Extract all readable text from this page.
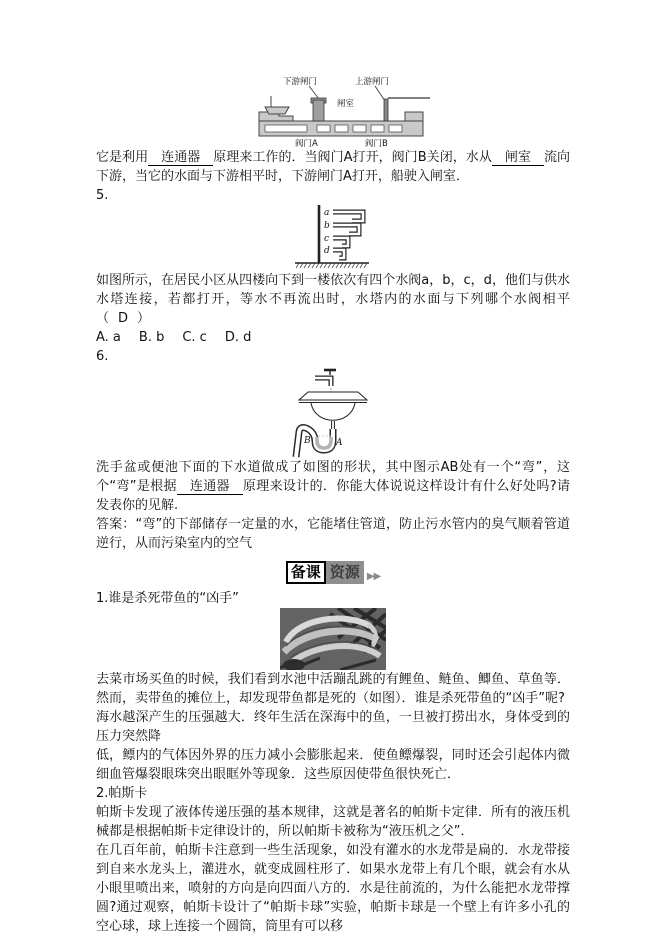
下游闸门	上游闸门
闸室
阀门A	阀门B

它是利用 连通器 原理来工作的．当阀门A打开，阀门B关闭，水从 闸室 流向下游，当它的水面与下游相平时，下游闸门A打开，船驶入闸室．

5.
a
b
c
d

如图所示，在居民小区从四楼向下到一楼依次有四个水阀a，b，c，d，他们与供水水塔连接，若都打开，等水不再流出时，水塔内的水面与下列哪个水阀相平（ D ）

A. a B. b C. c D. d

6.
B	A

洗手盆或便池下面的下水道做成了如图的形状，其中图示AB处有一个“弯”，这个“弯”是根据 连通器 原理来设计的．你能大体说说这样设计有什么好处吗?请发表你的见解.

答案：“弯”的下部储存一定量的水，它能堵住管道，防止污水管内的臭气顺着管道逆行，从而污染室内的空气

备课 资源 ▶▶
1.谁是杀死带鱼的“凶手”

去菜市场买鱼的时候，我们看到水池中活蹦乱跳的有鲤鱼、鲢鱼、鲫鱼、草鱼等．然而，卖带鱼的摊位上，却发现带鱼都是死的（如图）．谁是杀死带鱼的“凶手”呢?

海水越深产生的压强越大．终年生活在深海中的鱼，一旦被打捞出水，身体受到的压力突然降

低，鳔内的气体因外界的压力减小会膨胀起来．使鱼鳔爆裂，同时还会引起体内微细血管爆裂眼珠突出眼眶外等现象．这些原因使带鱼很快死亡．

2.帕斯卡

帕斯卡发现了液体传递压强的基本规律，这就是著名的帕斯卡定律．所有的液压机械都是根据帕斯卡定律设计的，所以帕斯卡被称为“液压机之父”．

在几百年前，帕斯卡注意到一些生活现象，如没有灌水的水龙带是扁的．水龙带接到自来水龙头上，灌进水，就变成圆柱形了．如果水龙带上有几个眼，就会有水从小眼里喷出来，喷射的方向是向四面八方的．水是往前流的，为什么能把水龙带撑圆?通过观察，帕斯卡设计了“帕斯卡球”实验，帕斯卡球是一个壁上有许多小孔的空心球，球上连接一个圆筒，筒里有可以移
